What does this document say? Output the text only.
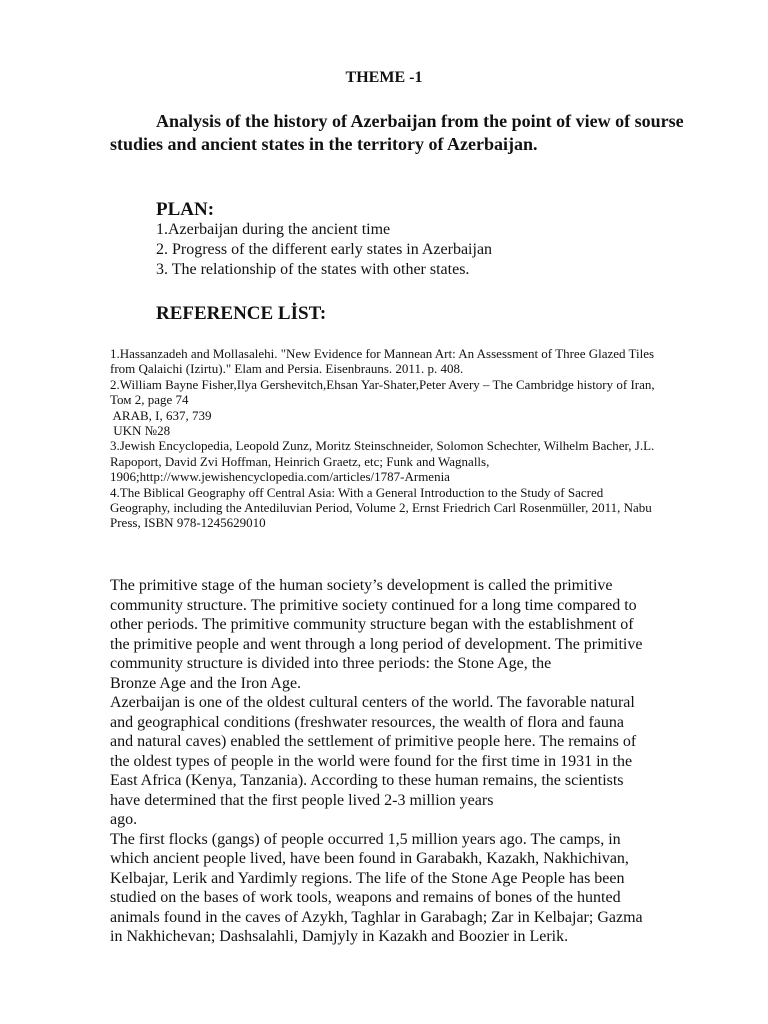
THEME -1

Analysis of the history of Azerbaijan from the point of view of sourse studies and ancient states in the territory of Azerbaijan.

PLAN:
1.Azerbaijan during the ancient time
2. Progress of the different early states in Azerbaijan
3. The relationship of the states with other states.
REFERENCE LİST:
1.Hassanzadeh and Mollasalehi. "New Evidence for Mannean Art: An Assessment of Three Glazed Tiles
from Qalaichi (Izirtu)." Elam and Persia. Eisenbrauns. 2011. p. 408.
2.William Bayne Fisher,Ilya Gershevitch,Ehsan Yar-Shater,Peter Avery – The Cambridge history of Iran,
Том 2, page 74
ARAB, I, 637, 739
UKN №28
3.Jewish Encyclopedia, Leopold Zunz, Moritz Steinschneider, Solomon Schechter, Wilhelm Bacher, J.L.
Rapoport, David Zvi Hoffman, Heinrich Graetz, etc; Funk and Wagnalls,
1906;http://www.jewishencyclopedia.com/articles/1787-Armenia
4.The Biblical Geography off Central Asia: With a General Introduction to the Study of Sacred
Geography, including the Antediluvian Period, Volume 2, Ernst Friedrich Carl Rosenmüller, 2011, Nabu
Press, ISBN 978-1245629010
The primitive stage of the human society’s development is called the primitive
community structure. The primitive society continued for a long time compared to
other periods. The primitive community structure began with the establishment of
the primitive people and went through a long period of development. The primitive
community structure is divided into three periods: the Stone Age, the
Bronze Age and the Iron Age.
Azerbaijan is one of the oldest cultural centers of the world. The favorable natural
and geographical conditions (freshwater resources, the wealth of flora and fauna
and natural caves) enabled the settlement of primitive people here. The remains of
the oldest types of people in the world were found for the first time in 1931 in the
East Africa (Kenya, Tanzania). According to these human remains, the scientists
have determined that the first people lived 2-3 million years
ago.
The first flocks (gangs) of people occurred 1,5 million years ago. The camps, in
which ancient people lived, have been found in Garabakh, Kazakh, Nakhichivan,
Kelbajar, Lerik and Yardimly regions. The life of the Stone Age People has been
studied on the bases of work tools, weapons and remains of bones of the hunted
animals found in the caves of Azykh, Taghlar in Garabagh; Zar in Kelbajar; Gazma
in Nakhichevan; Dashsalahli, Damjyly in Kazakh and Boozier in Lerik.
